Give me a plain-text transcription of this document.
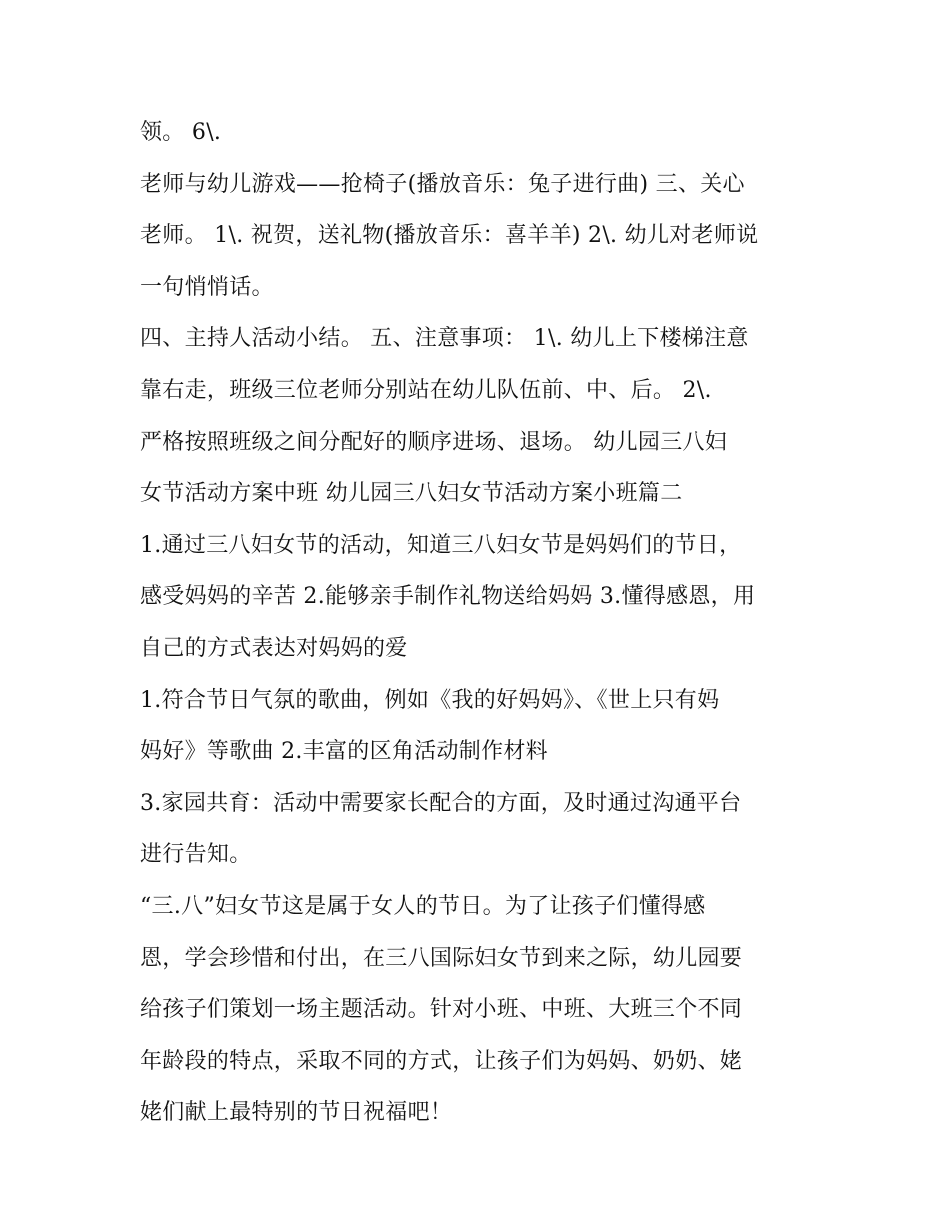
领。 6\.
老师与幼儿游戏——抢椅子(播放音乐：兔子进行曲) 三、关心
老师。 1\. 祝贺，送礼物(播放音乐：喜羊羊) 2\. 幼儿对老师说
一句悄悄话。
四、主持人活动小结。 五、注意事项： 1\. 幼儿上下楼梯注意
靠右走，班级三位老师分别站在幼儿队伍前、中、后。 2\.
严格按照班级之间分配好的顺序进场、退场。 幼儿园三八妇
女节活动方案中班 幼儿园三八妇女节活动方案小班篇二
1.通过三八妇女节的活动，知道三八妇女节是妈妈们的节日，
感受妈妈的辛苦 2.能够亲手制作礼物送给妈妈 3.懂得感恩，用
自己的方式表达对妈妈的爱
1.符合节日气氛的歌曲，例如《我的好妈妈》、《世上只有妈
妈好》等歌曲 2.丰富的区角活动制作材料
3.家园共育：活动中需要家长配合的方面，及时通过沟通平台
进行告知。
“三.八”妇女节这是属于女人的节日。为了让孩子们懂得感
恩，学会珍惜和付出，在三八国际妇女节到来之际，幼儿园要
给孩子们策划一场主题活动。针对小班、中班、大班三个不同
年龄段的特点，采取不同的方式，让孩子们为妈妈、奶奶、姥
姥们献上最特别的节日祝福吧！
